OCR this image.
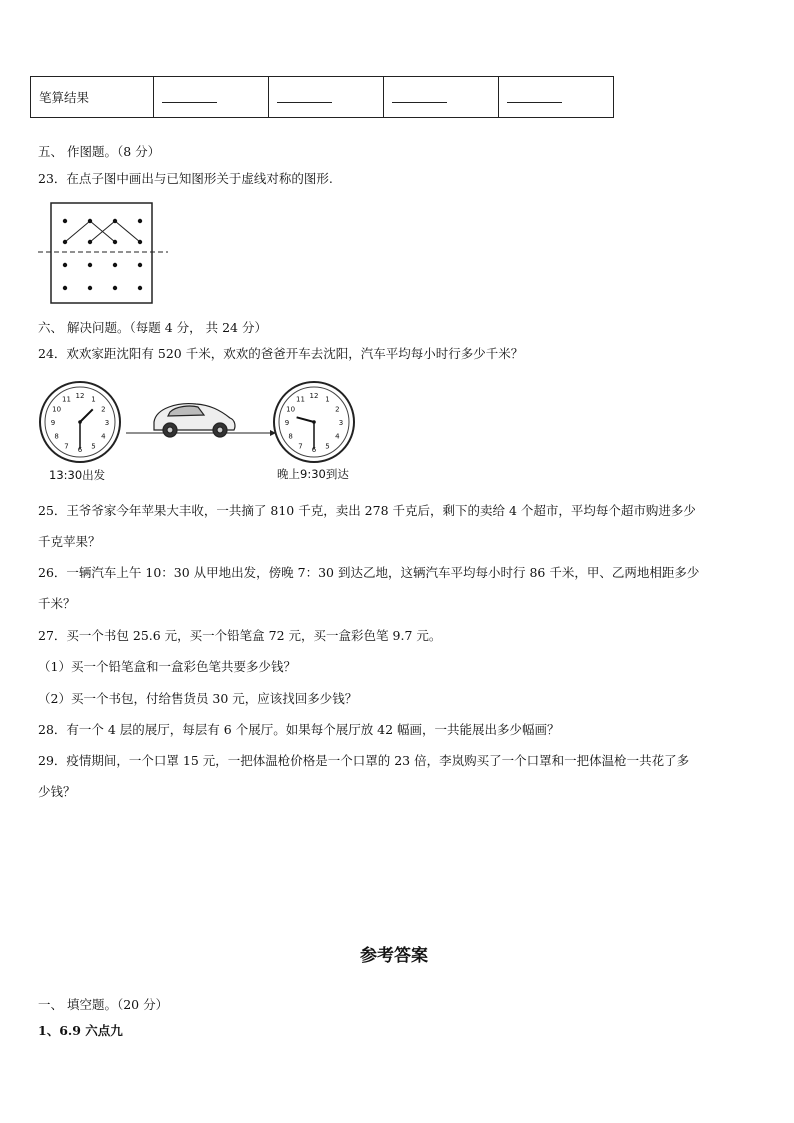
笔算结果	

五、 作图题。（8 分）
23．在点子图中画出与已知图形关于虚线对称的图形.
六、 解决问题。（每题 4 分， 共 24 分）
24．欢欢家距沈阳有 520 千米，欢欢的爸爸开车去沈阳，汽车平均每小时行多少千米？
12 1
2
3
4
5
6
7
8
9
10
11	12 1
2
3
4
5
6
7
8
9
10
11
13:30出发	晚上9:30到达
25．王爷爷家今年苹果大丰收，一共摘了 810 千克，卖出 278 千克后，剩下的卖给 4 个超市，平均每个超市购进多少
千克苹果？
26．一辆汽车上午 10：30 从甲地出发，傍晚 7：30 到达乙地，这辆汽车平均每小时行 86 千米，甲、乙两地相距多少
千米？
27．买一个书包 25.6 元，买一个铅笔盒 72 元，买一盒彩色笔 9.7 元。
（1）买一个铅笔盒和一盒彩色笔共要多少钱？
（2）买一个书包，付给售货员 30 元，应该找回多少钱？
28．有一个 4 层的展厅，每层有 6 个展厅。如果每个展厅放 42 幅画，一共能展出多少幅画？
29．疫情期间，一个口罩 15 元，一把体温枪价格是一个口罩的 23 倍，李岚购买了一个口罩和一把体温枪一共花了多
少钱？
参考答案
一、 填空题。（20 分）
1、6.9 六点九
